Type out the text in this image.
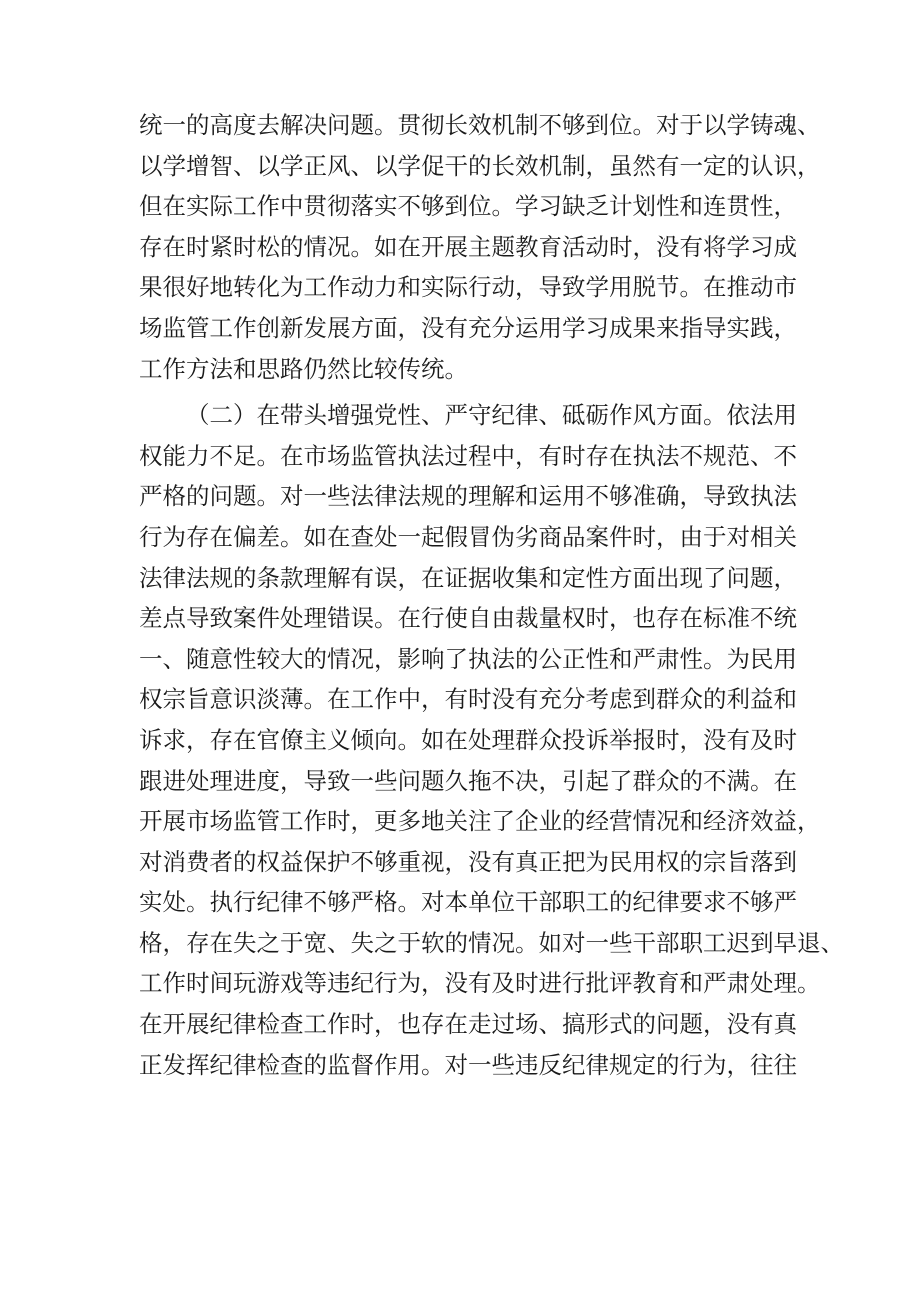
统一的高度去解决问题。贯彻长效机制不够到位。对于以学铸魂、
以学增智、以学正风、以学促干的长效机制，虽然有一定的认识，
但在实际工作中贯彻落实不够到位。学习缺乏计划性和连贯性，
存在时紧时松的情况。如在开展主题教育活动时，没有将学习成
果很好地转化为工作动力和实际行动，导致学用脱节。在推动市
场监管工作创新发展方面，没有充分运用学习成果来指导实践，
工作方法和思路仍然比较传统。
（二）在带头增强党性、严守纪律、砥砺作风方面。依法用
权能力不足。在市场监管执法过程中，有时存在执法不规范、不
严格的问题。对一些法律法规的理解和运用不够准确，导致执法
行为存在偏差。如在查处一起假冒伪劣商品案件时，由于对相关
法律法规的条款理解有误，在证据收集和定性方面出现了问题，
差点导致案件处理错误。在行使自由裁量权时，也存在标准不统
一、随意性较大的情况，影响了执法的公正性和严肃性。为民用
权宗旨意识淡薄。在工作中，有时没有充分考虑到群众的利益和
诉求，存在官僚主义倾向。如在处理群众投诉举报时，没有及时
跟进处理进度，导致一些问题久拖不决，引起了群众的不满。在
开展市场监管工作时，更多地关注了企业的经营情况和经济效益，
对消费者的权益保护不够重视，没有真正把为民用权的宗旨落到
实处。执行纪律不够严格。对本单位干部职工的纪律要求不够严
格，存在失之于宽、失之于软的情况。如对一些干部职工迟到早退、
工作时间玩游戏等违纪行为，没有及时进行批评教育和严肃处理。
在开展纪律检查工作时，也存在走过场、搞形式的问题，没有真
正发挥纪律检查的监督作用。对一些违反纪律规定的行为，往往
